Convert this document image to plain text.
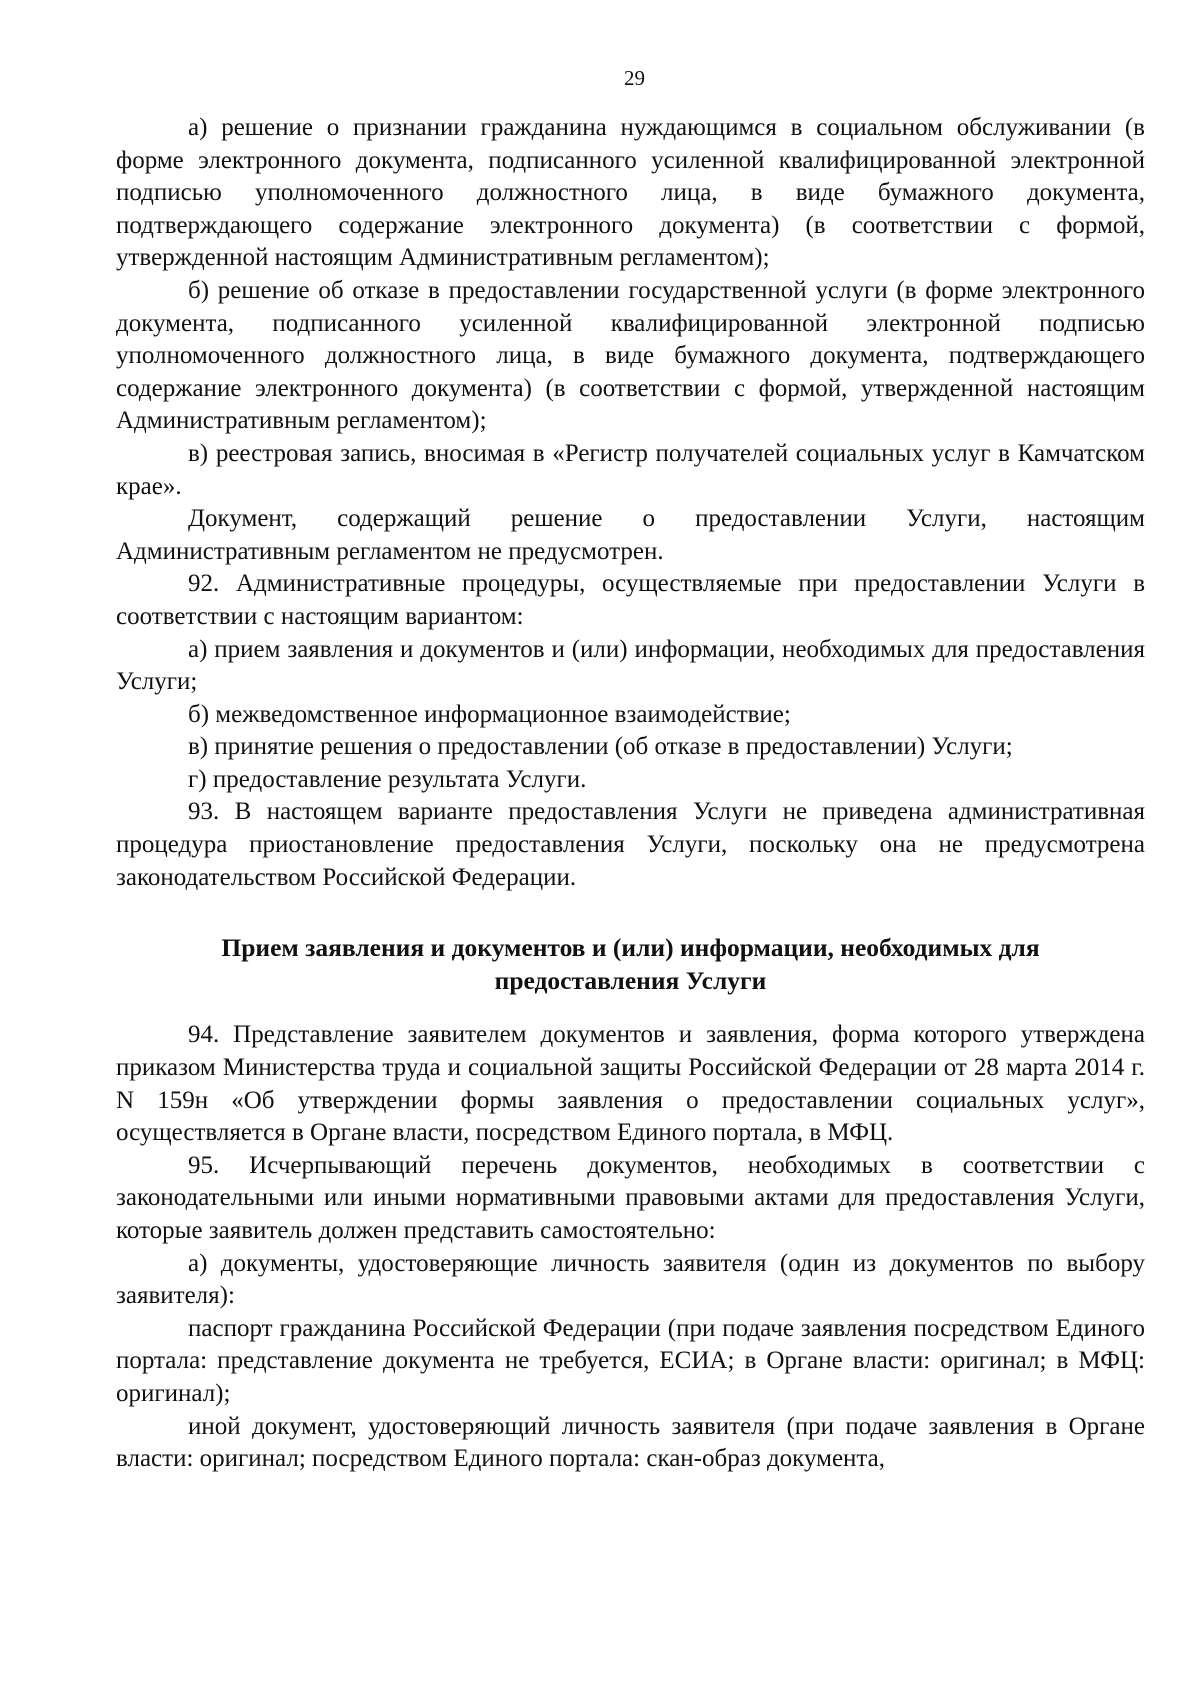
29

а) решение о признании гражданина нуждающимся в социальном обслуживании (в форме электронного документа, подписанного усиленной квалифицированной электронной подписью уполномоченного должностного лица, в виде бумажного документа, подтверждающего содержание электронного документа) (в соответствии с формой, утвержденной настоящим Административным регламентом);

б) решение об отказе в предоставлении государственной услуги (в форме электронного документа, подписанного усиленной квалифицированной электронной подписью уполномоченного должностного лица, в виде бумажного документа, подтверждающего содержание электронного документа) (в соответствии с формой, утвержденной настоящим Административным регламентом);

в) реестровая запись, вносимая в «Регистр получателей социальных услуг в Камчатском крае».

Документ, содержащий решение о предоставлении Услуги, настоящим Административным регламентом не предусмотрен.

92. Административные процедуры, осуществляемые при предоставлении Услуги в соответствии с настоящим вариантом:

а) прием заявления и документов и (или) информации, необходимых для предоставления Услуги;

б) межведомственное информационное взаимодействие;

в) принятие решения о предоставлении (об отказе в предоставлении) Услуги;

г) предоставление результата Услуги.

93. В настоящем варианте предоставления Услуги не приведена административная процедура приостановление предоставления Услуги, поскольку она не предусмотрена законодательством Российской Федерации.

Прием заявления и документов и (или) информации, необходимых для предоставления Услуги

94. Представление заявителем документов и заявления, форма которого утверждена приказом Министерства труда и социальной защиты Российской Федерации от 28 марта 2014 г. N 159н «Об утверждении формы заявления о предоставлении социальных услуг», осуществляется в Органе власти, посредством Единого портала, в МФЦ.

95. Исчерпывающий перечень документов, необходимых в соответствии с законодательными или иными нормативными правовыми актами для предоставления Услуги, которые заявитель должен представить самостоятельно:

а) документы, удостоверяющие личность заявителя (один из документов по выбору заявителя):

паспорт гражданина Российской Федерации (при подаче заявления посредством Единого портала: представление документа не требуется, ЕСИА; в Органе власти: оригинал; в МФЦ: оригинал);

иной документ, удостоверяющий личность заявителя (при подаче заявления в Органе власти: оригинал; посредством Единого портала: скан-образ документа,
